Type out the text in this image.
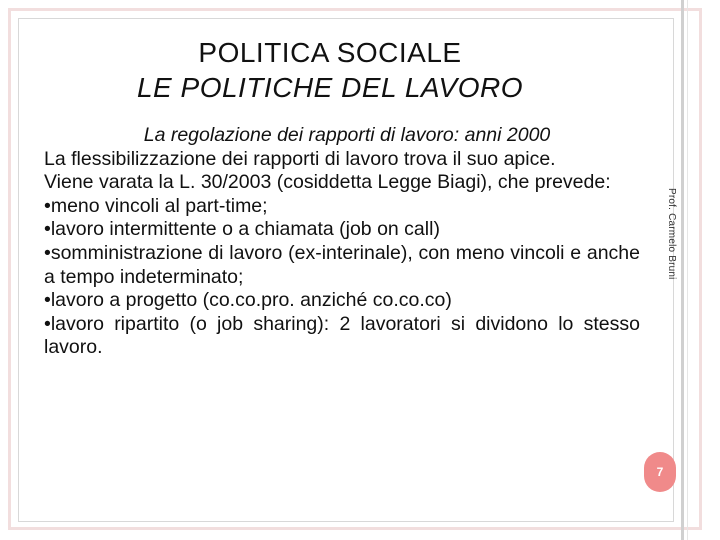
POLITICA SOCIALE
LE POLITICHE DEL LAVORO
La regolazione dei rapporti di lavoro: anni 2000
La flessibilizzazione dei rapporti di lavoro trova il suo apice.
Viene varata la L. 30/2003 (cosiddetta Legge Biagi), che prevede:
•meno vincoli al part-time;
•lavoro intermittente o a chiamata (job on call)
•somministrazione di lavoro (ex-interinale), con meno vincoli e anche a tempo indeterminato;
•lavoro a progetto (co.co.pro. anziché co.co.co)
•lavoro ripartito (o job sharing): 2 lavoratori si dividono lo stesso lavoro.
Prof. Carmelo Bruni
7
